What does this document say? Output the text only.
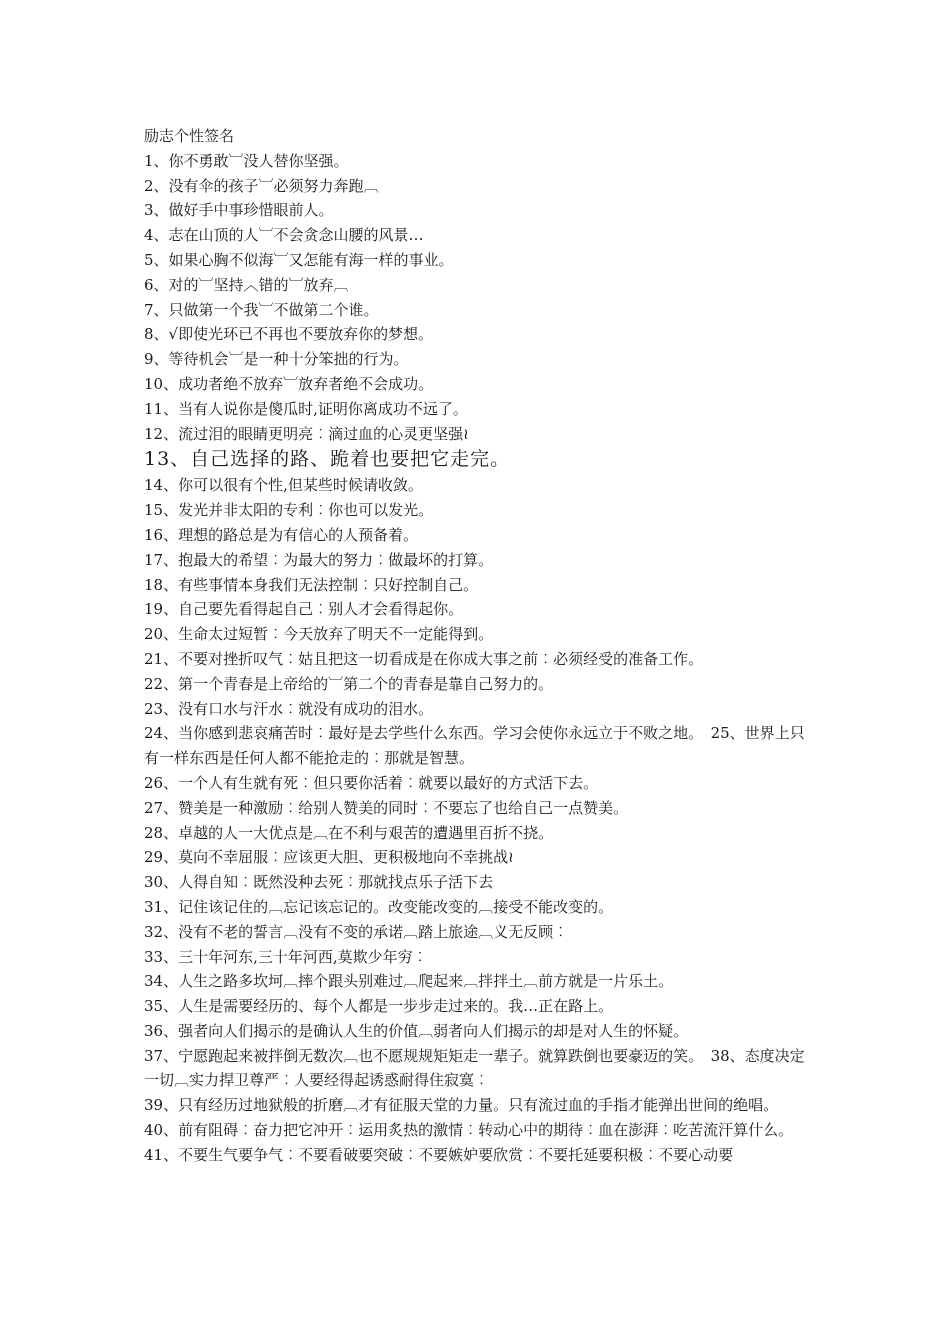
励志个性签名

1、你不勇敢︺没人替你坚强。

2、没有伞的孩子︺必须努力奔跑︹

3、做好手中事珍惜眼前人。

4、志在山顶的人︺不会贪念山腰的风景…

5、如果心胸不似海︺又怎能有海一样的事业。

6、对的︺坚持︿错的︺放弃︹

7、只做第一个我︺不做第二个谁。

8、√即使光环已不再也不要放弃你的梦想。

9、等待机会︺是一种十分笨拙的行为。

10、成功者绝不放弃︺放弃者绝不会成功。

11、当有人说你是傻瓜时,证明你离成功不远了。

12、流过泪的眼睛更明亮︰滴过血的心灵更坚强≀

13、自己选择的路、跪着也要把它走完。

14、你可以很有个性,但某些时候请收敛。

15、发光并非太阳的专利︰你也可以发光。

16、理想的路总是为有信心的人预备着。

17、抱最大的希望︰为最大的努力︰做最坏的打算。

18、有些事情本身我们无法控制︰只好控制自己。

19、自己要先看得起自己︰别人才会看得起你。

20、生命太过短暂︰今天放弃了明天不一定能得到。

21、不要对挫折叹气︰姑且把这一切看成是在你成大事之前︰必须经受的准备工作。

22、第一个青春是上帝给的︺第二个的青春是靠自己努力的。

23、没有口水与汗水︰就没有成功的泪水。

24、当你感到悲哀痛苦时︰最好是去学些什么东西。学习会使你永远立于不败之地。　25、世界上只有一样东西是任何人都不能抢走的︰那就是智慧。

26、一个人有生就有死︰但只要你活着︰就要以最好的方式活下去。

27、赞美是一种激励︰给别人赞美的同时︰不要忘了也给自己一点赞美。

28、卓越的人一大优点是︹在不利与艰苦的遭遇里百折不挠。

29、莫向不幸屈服︰应该更大胆、更积极地向不幸挑战≀

30、人得自知︰既然没种去死︰那就找点乐子活下去

31、记住该记住的︹忘记该忘记的。改变能改变的︹接受不能改变的。

32、没有不老的誓言︹没有不变的承诺︹踏上旅途︹义无反顾︰

33、三十年河东,三十年河西,莫欺少年穷︰

34、人生之路多坎坷︹摔个跟头别难过︹爬起来︹拌拌土︹前方就是一片乐土。

35、人生是需要经历的、每个人都是一步步走过来的。我…正在路上。

36、强者向人们揭示的是确认人生的价值︹弱者向人们揭示的却是对人生的怀疑。

37、宁愿跑起来被拌倒无数次︹也不愿规规矩矩走一辈子。就算跌倒也要豪迈的笑。　38、态度决定一切︹实力捍卫尊严︰人要经得起诱惑耐得住寂寞︰

39、只有经历过地狱般的折磨︹才有征服天堂的力量。只有流过血的手指才能弹出世间的绝唱。

40、前有阻碍︰奋力把它冲开︰运用炙热的激情︰转动心中的期待︰血在澎湃︰吃苦流汗算什么。

41、不要生气要争气︰不要看破要突破︰不要嫉妒要欣赏︰不要托延要积极︰不要心动要
